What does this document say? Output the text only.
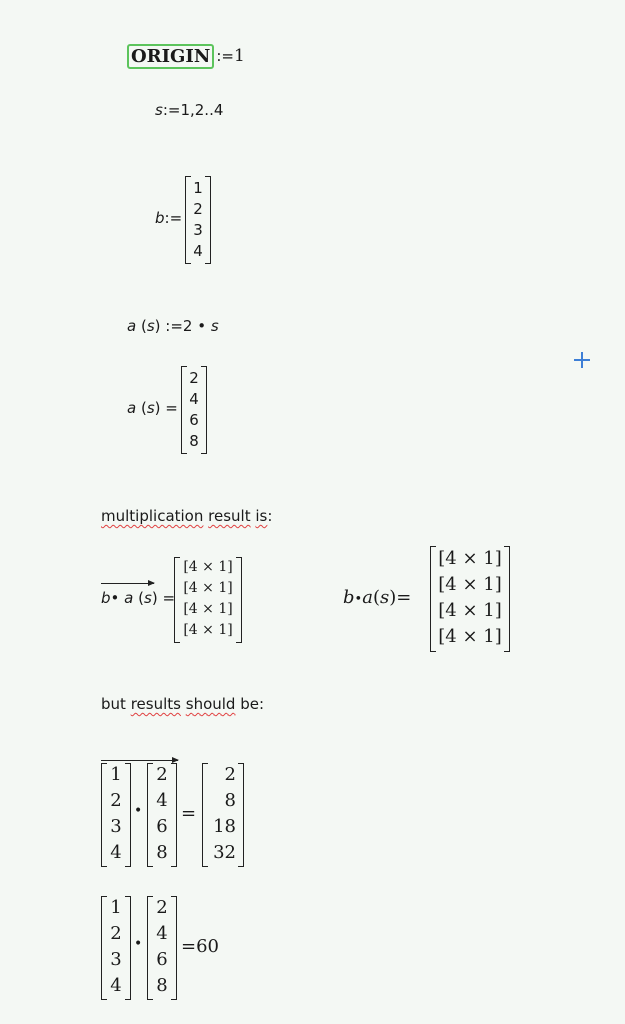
ORIGIN := 1
s:=1,2..4
b:=
1
2
3
4
a (s) :=2 • s
a (s) =
2
4
6
8
multiplication result is:
b• a (s) =
[4 × 1]
[4 × 1]
[4 × 1]
[4 × 1]
b•a(s)=
[4 × 1]
[4 × 1]
[4 × 1]
[4 × 1]
but results should be:
1
2
3
4
•
2
4
6
8
=
2
8
18
32
1
2
3
4
•
2
4
6
8
=60
